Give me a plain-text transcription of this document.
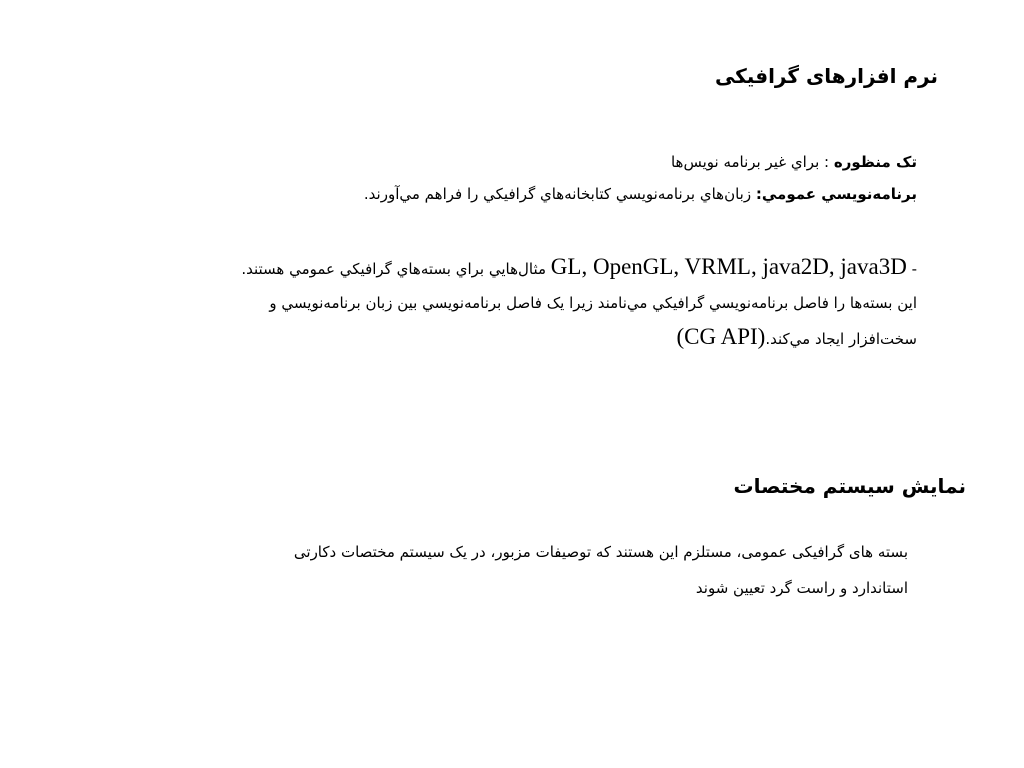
نرم افزارهای گرافیکی

تک منظوره : براي غير برنامه نويس‌ها

برنامه‌نويسي عمومي: زبان‌هاي برنامه‌نويسي كتابخانه‌هاي گرافيكي را فراهم مي‌آورند.

- GL, OpenGL, VRML, java2D, java3D مثال‌هايي براي بسته‌هاي گرافيكي عمومي هستند.

اين بسته‌ها را فاصل برنامه‌نويسي گرافيكي مي‌نامند زيرا يک فاصل برنامه‌نويسي بين زبان برنامه‌نويسي و

سخت‌افزار ايجاد مي‌كند.(CG API)

نمایش سیستم مختصات

بسته های گرافیکی عمومی، مستلزم این هستند که توصیفات مزبور، در یک سیستم مختصات دکارتی

استاندارد و راست گرد تعیین شوند
